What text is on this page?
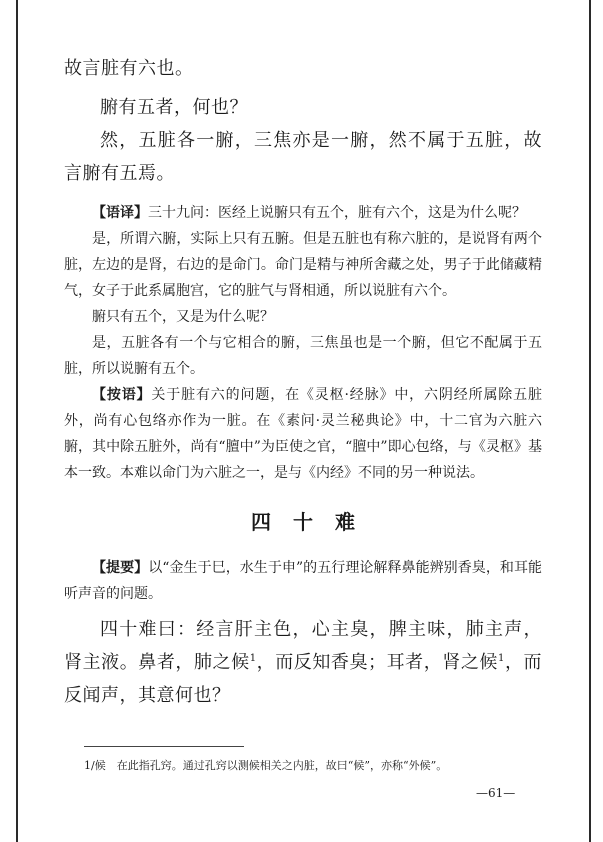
故言脏有六也。

腑有五者，何也？

然，五脏各一腑，三焦亦是一腑，然不属于五脏，故言腑有五焉。

【语译】三十九问：医经上说腑只有五个，脏有六个，这是为什么呢？

是，所谓六腑，实际上只有五腑。但是五脏也有称六脏的，是说肾有两个脏，左边的是肾，右边的是命门。命门是精与神所舍藏之处，男子于此储藏精气，女子于此系属胞宫，它的脏气与肾相通，所以说脏有六个。

腑只有五个，又是为什么呢？

是，五脏各有一个与它相合的腑，三焦虽也是一个腑，但它不配属于五脏，所以说腑有五个。

【按语】关于脏有六的问题，在《灵枢·经脉》中，六阴经所属除五脏外，尚有心包络亦作为一脏。在《素问·灵兰秘典论》中，十二官为六脏六腑，其中除五脏外，尚有“膻中”为臣使之官，“膻中”即心包络，与《灵枢》基本一致。本难以命门为六脏之一，是与《内经》不同的另一种说法。

四十难

【提要】以“金生于巳，水生于申”的五行理论解释鼻能辨别香臭，和耳能听声音的问题。

四十难曰：经言肝主色，心主臭，脾主味，肺主声，肾主液。鼻者，肺之候$^1$，而反知香臭；耳者，肾之候$^1$，而反闻声，其意何也？

1/候　在此指孔窍。通过孔窍以测候相关之内脏，故曰“候”，亦称“外候”。
—61—
